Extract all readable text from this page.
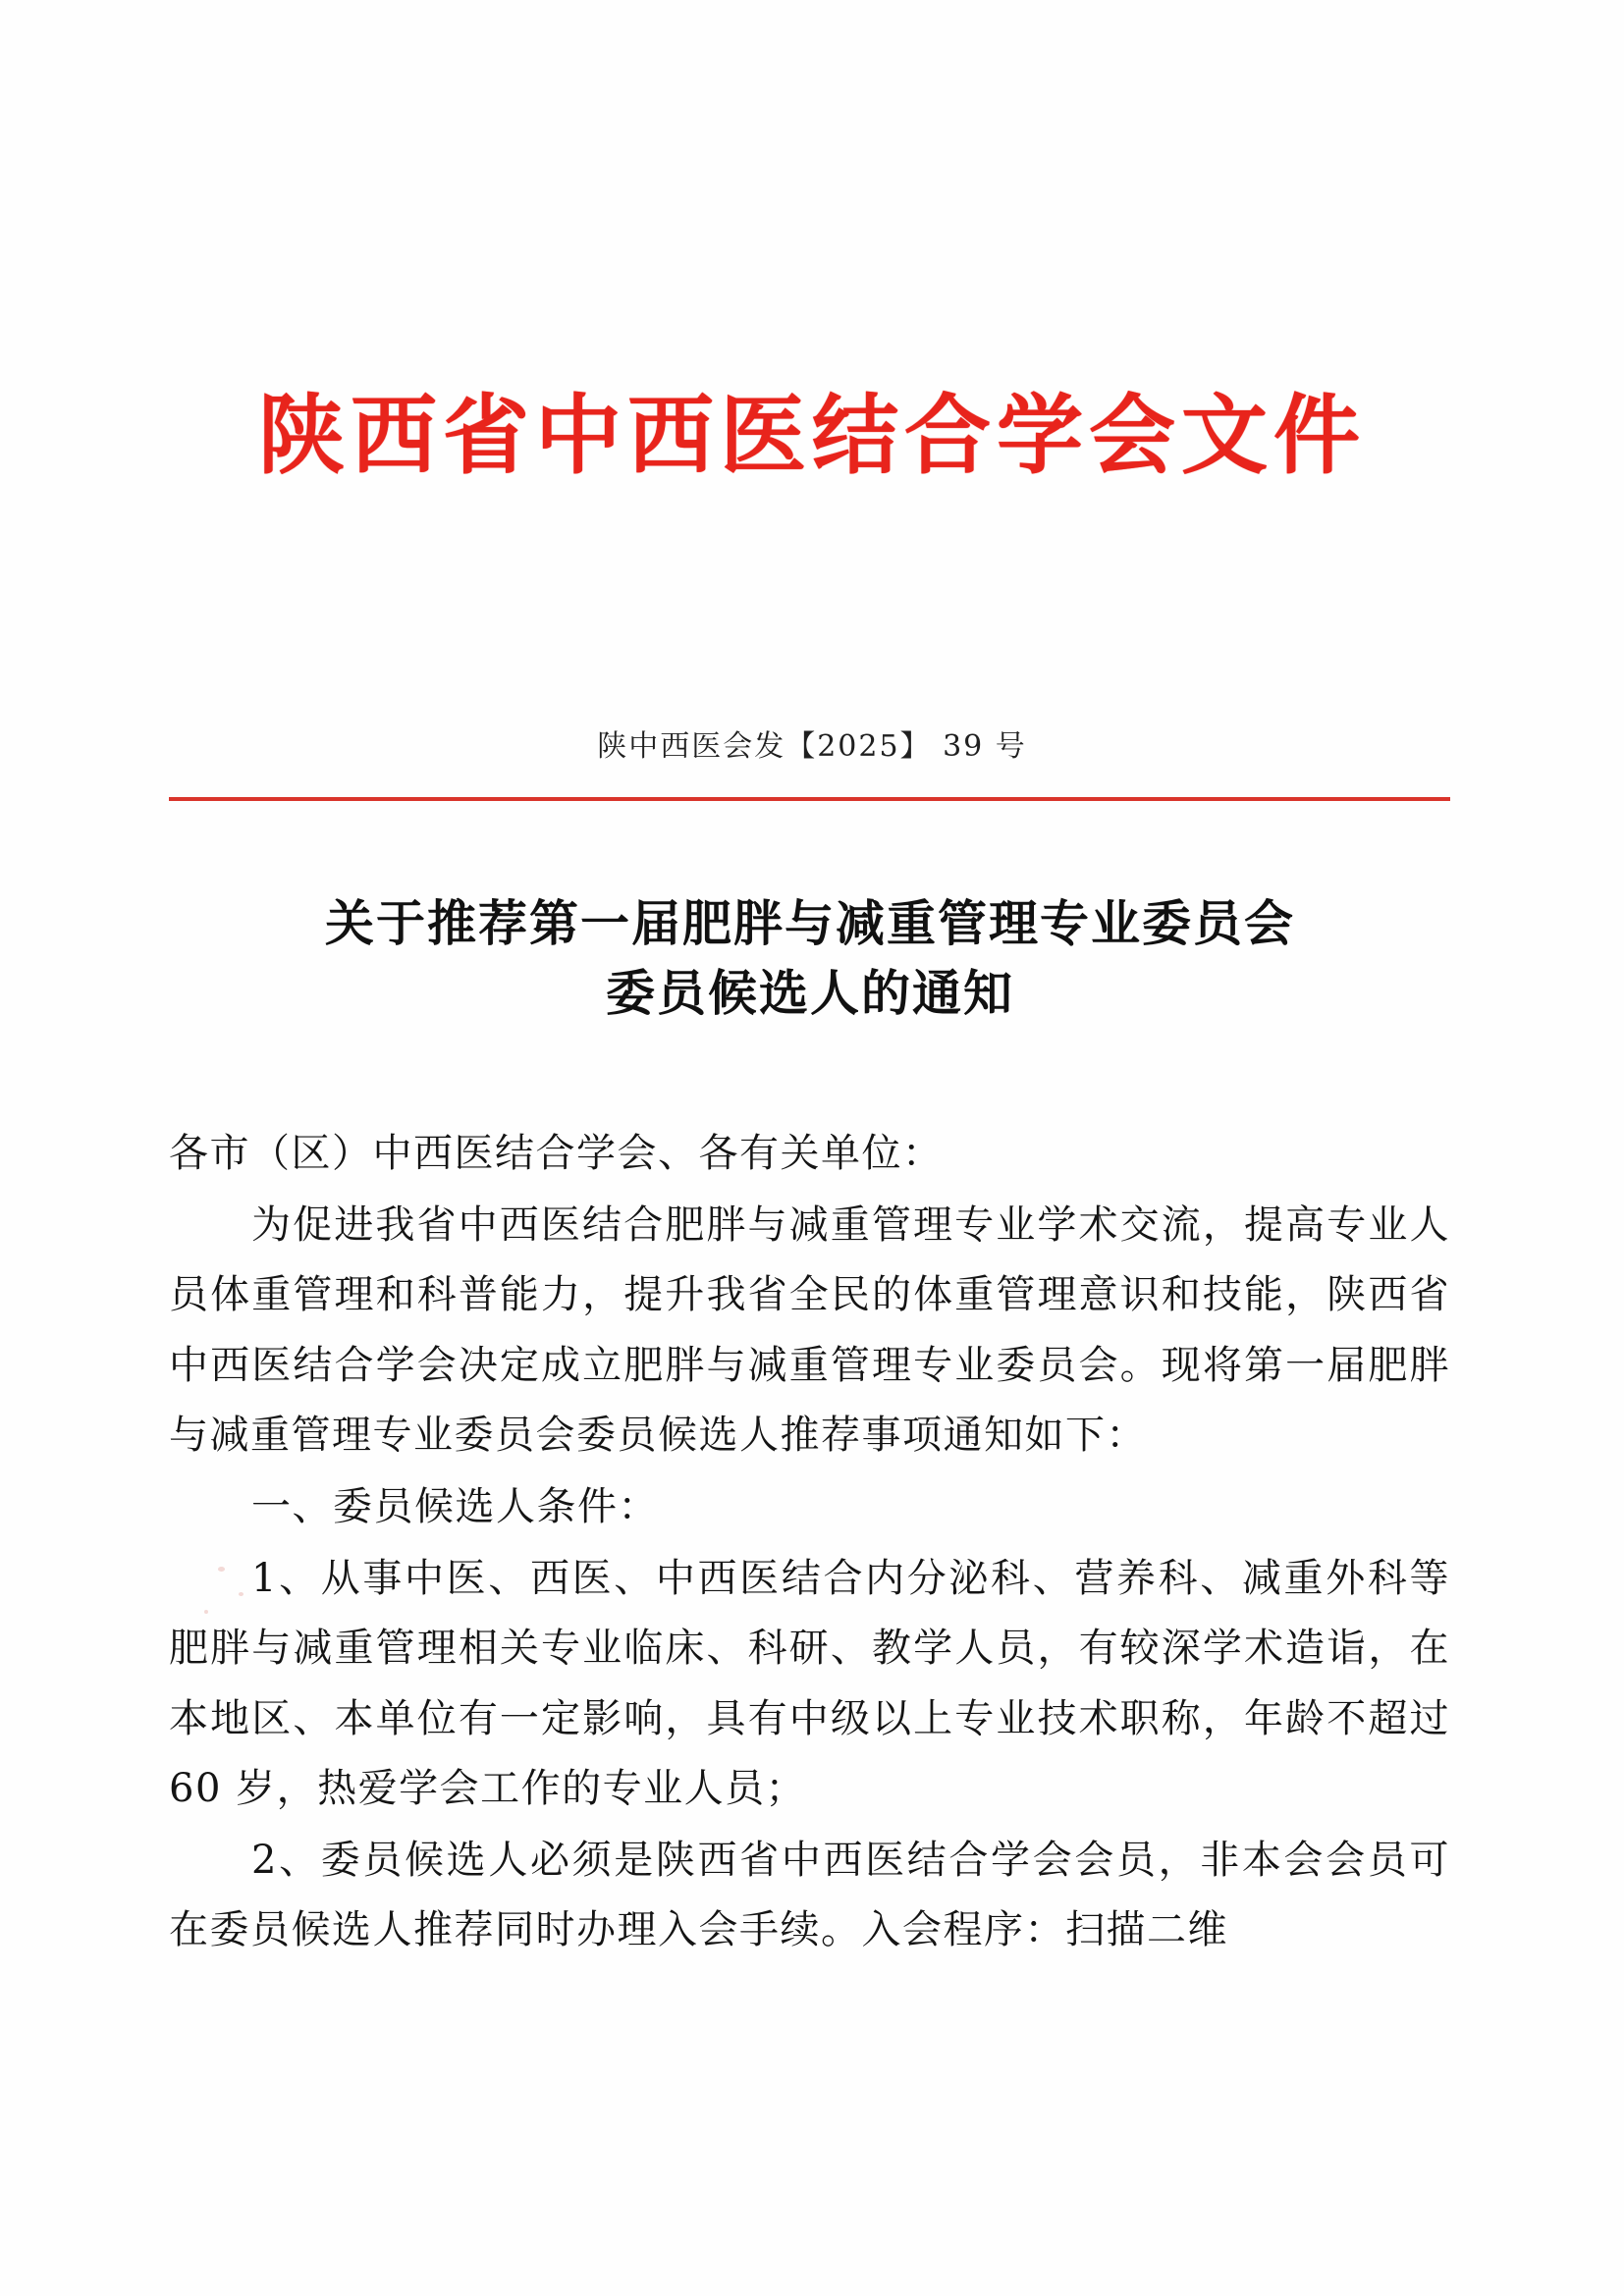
陕西省中西医结合学会文件
陕中西医会发【2025】 39 号
关于推荐第一届肥胖与减重管理专业委员会
委员候选人的通知

各市（区）中西医结合学会、各有关单位：

为促进我省中西医结合肥胖与减重管理专业学术交流，提高专业人员体重管理和科普能力，提升我省全民的体重管理意识和技能，陕西省中西医结合学会决定成立肥胖与减重管理专业委员会。现将第一届肥胖与减重管理专业委员会委员候选人推荐事项通知如下：

一、委员候选人条件：

1、从事中医、西医、中西医结合内分泌科、营养科、减重外科等肥胖与减重管理相关专业临床、科研、教学人员，有较深学术造诣，在本地区、本单位有一定影响，具有中级以上专业技术职称，年龄不超过 60 岁，热爱学会工作的专业人员；

2、委员候选人必须是陕西省中西医结合学会会员，非本会会员可在委员候选人推荐同时办理入会手续。入会程序：扫描二维
